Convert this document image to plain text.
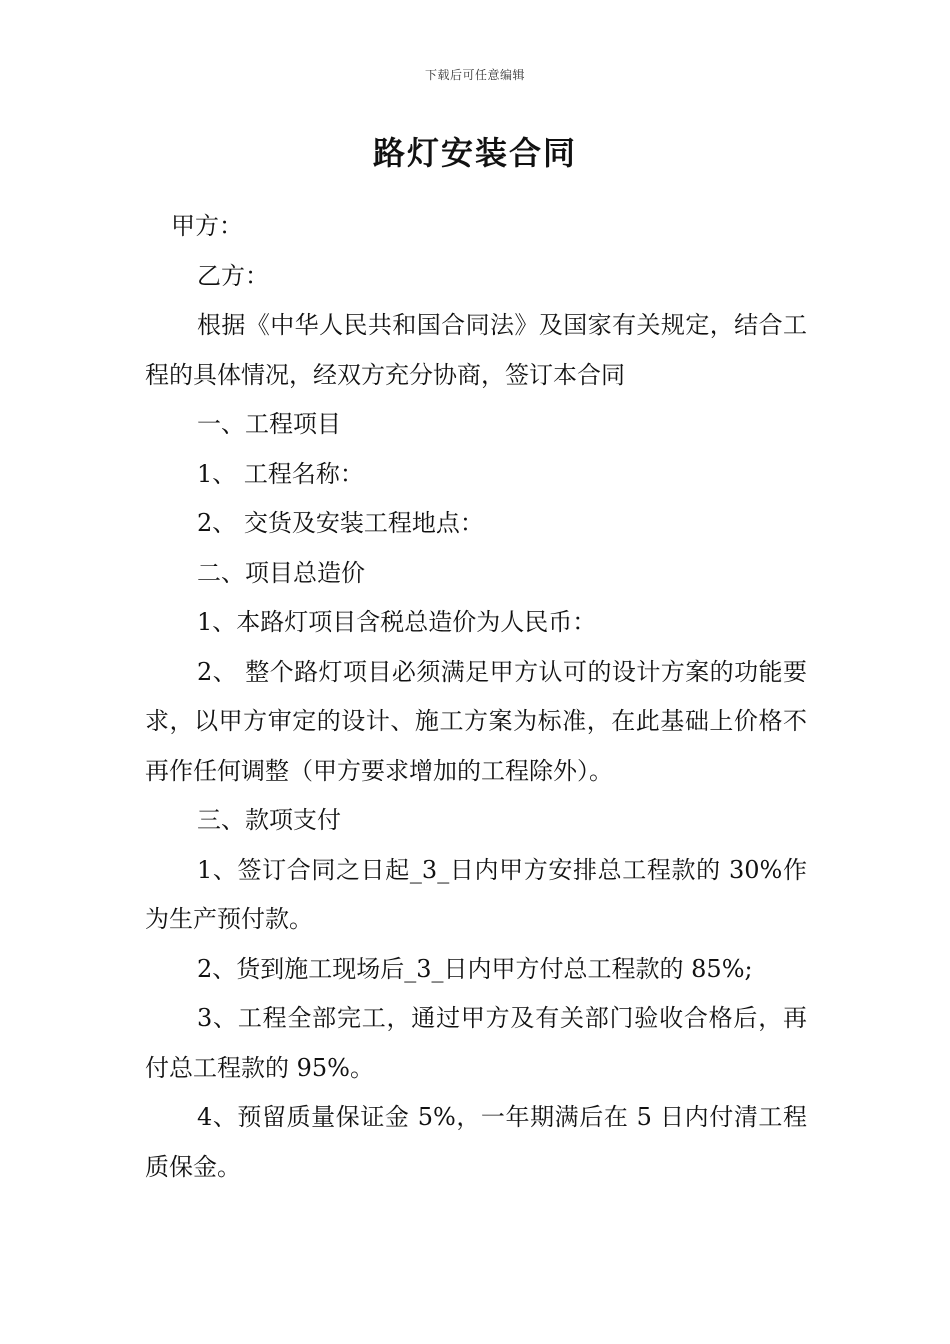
下载后可任意编辑
路灯安装合同

甲方：

乙方：

根据《中华人民共和国合同法》及国家有关规定，结合工程的具体情况，经双方充分协商，签订本合同

一、工程项目

1、 工程名称：

2、 交货及安装工程地点：

二、项目总造价

1、本路灯项目含税总造价为人民币：

2、 整个路灯项目必须满足甲方认可的设计方案的功能要求，以甲方审定的设计、施工方案为标准，在此基础上价格不再作任何调整（甲方要求增加的工程除外）。

三、款项支付

1、签订合同之日起_3_日内甲方安排总工程款的 30%作为生产预付款。

2、货到施工现场后_3_日内甲方付总工程款的 85%;

3、工程全部完工，通过甲方及有关部门验收合格后，再付总工程款的 95%。

4、预留质量保证金 5%，一年期满后在 5 日内付清工程质保金。
